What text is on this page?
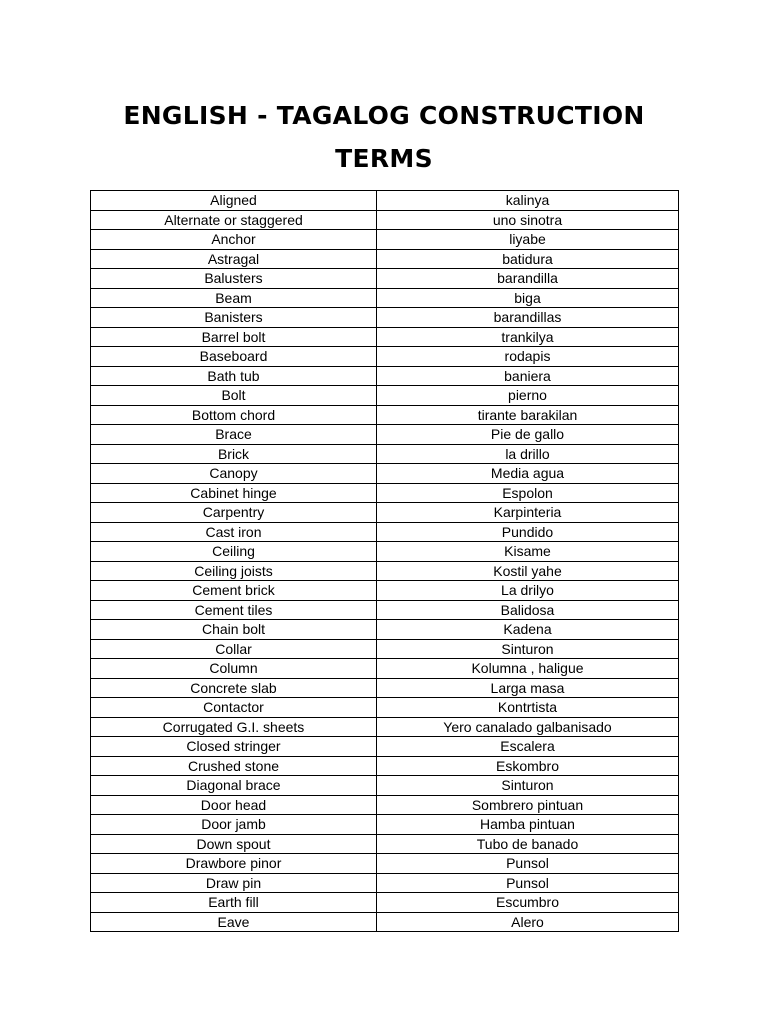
ENGLISH - TAGALOG CONSTRUCTION
TERMS
Aligned	kalinya
Alternate or staggered	uno sinotra
Anchor	liyabe
Astragal	batidura
Balusters	barandilla
Beam	biga
Banisters	barandillas
Barrel bolt	trankilya
Baseboard	rodapis
Bath tub	baniera
Bolt	pierno
Bottom chord	tirante barakilan
Brace	Pie de gallo
Brick	la drillo
Canopy	Media agua
Cabinet hinge	Espolon
Carpentry	Karpinteria
Cast iron	Pundido
Ceiling	Kisame
Ceiling joists	Kostil yahe
Cement brick	La drilyo
Cement tiles	Balidosa
Chain bolt	Kadena
Collar	Sinturon
Column	Kolumna , haligue
Concrete slab	Larga masa
Contactor	Kontrtista
Corrugated G.I. sheets	Yero canalado galbanisado
Closed stringer	Escalera
Crushed stone	Eskombro
Diagonal brace	Sinturon
Door head	Sombrero pintuan
Door jamb	Hamba pintuan
Down spout	Tubo de banado
Drawbore pinor	Punsol
Draw pin	Punsol
Earth fill	Escumbro
Eave	Alero
